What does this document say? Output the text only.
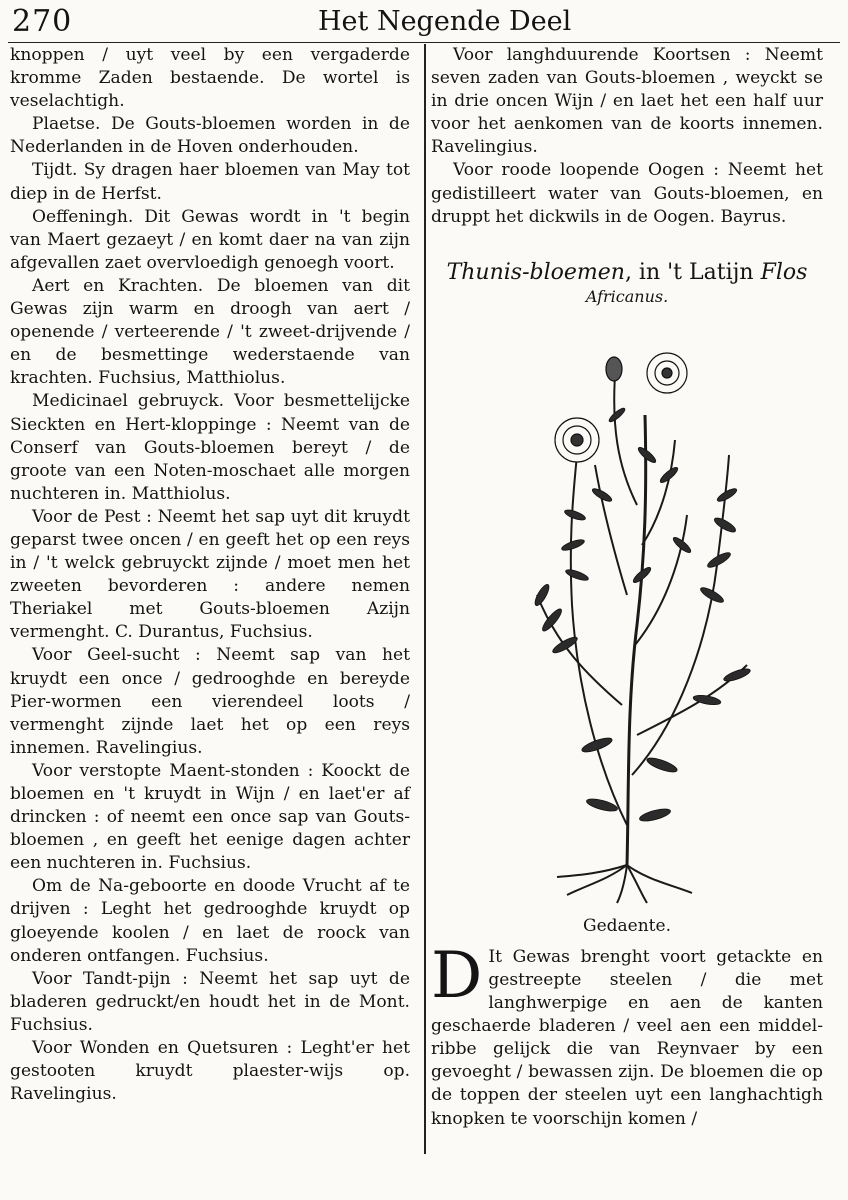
270	Het Negende Deel

knoppen / uyt veel by een vergaderde kromme Zaden bestaende. De wortel is veselachtigh.

Plaetse. De Gouts-bloemen worden in de Nederlanden in de Hoven onderhouden.

Tijdt. Sy dragen haer bloemen van May tot diep in de Herfst.

Oeffeningh. Dit Gewas wordt in 't begin van Maert gezaeyt / en komt daer na van zijn afgevallen zaet overvloedigh genoegh voort.

Aert en Krachten. De bloemen van dit Gewas zijn warm en droogh van aert / openende / verteerende / 't zweet-drijvende / en de besmettinge wederstaende van krachten. Fuchsius, Matthiolus.

Medicinael gebruyck. Voor besmettelijcke Sieckten en Hert-kloppinge : Neemt van de Conserf van Gouts-bloemen bereyt / de groote van een Noten-moschaet alle morgen nuchteren in. Matthiolus.

Voor de Pest : Neemt het sap uyt dit kruydt geparst twee oncen / en geeft het op een reys in / 't welck gebruyckt zijnde / moet men het zweeten bevorderen : andere nemen Theriakel met Gouts-bloemen Azijn vermenght. C. Durantus, Fuchsius.

Voor Geel-sucht : Neemt sap van het kruydt een once / gedrooghde en bereyde Pier-wormen een vierendeel loots / vermenght zijnde laet het op een reys innemen. Ravelingius.

Voor verstopte Maent-stonden : Koockt de bloemen en 't kruydt in Wijn / en laet'er af drincken : of neemt een once sap van Gouts-bloemen , en geeft het eenige dagen achter een nuchteren in. Fuchsius.

Om de Na-geboorte en doode Vrucht af te drijven : Leght het gedrooghde kruydt op gloeyende koolen / en laet de roock van onderen ontfangen. Fuchsius.

Voor Tandt-pijn : Neemt het sap uyt de bladeren gedruckt/en houdt het in de Mont. Fuchsius.

Voor Wonden en Quetsuren : Leght'er het gestooten kruydt plaester-wijs op. Ravelingius.

Voor langhduurende Koortsen : Neemt seven zaden van Gouts-bloemen , weyckt se in drie oncen Wijn / en laet het een half uur voor het aenkomen van de koorts innemen. Ravelingius.

Voor roode loopende Oogen : Neemt het gedistilleert water van Gouts-bloemen, en druppt het dickwils in de Oogen. Bayrus.

Thunis-bloemen, in 't Latijn Flos
Africanus.
Gedaente.
D It Gewas brenght voort getackte en gestreepte steelen / die met langhwerpige en aen de kanten geschaerde bladeren / veel aen een middel-ribbe gelijck die van Reynvaer by een gevoeght / bewassen zijn. De bloemen die op de toppen der steelen uyt een langhachtigh knopken te voorschijn komen /
